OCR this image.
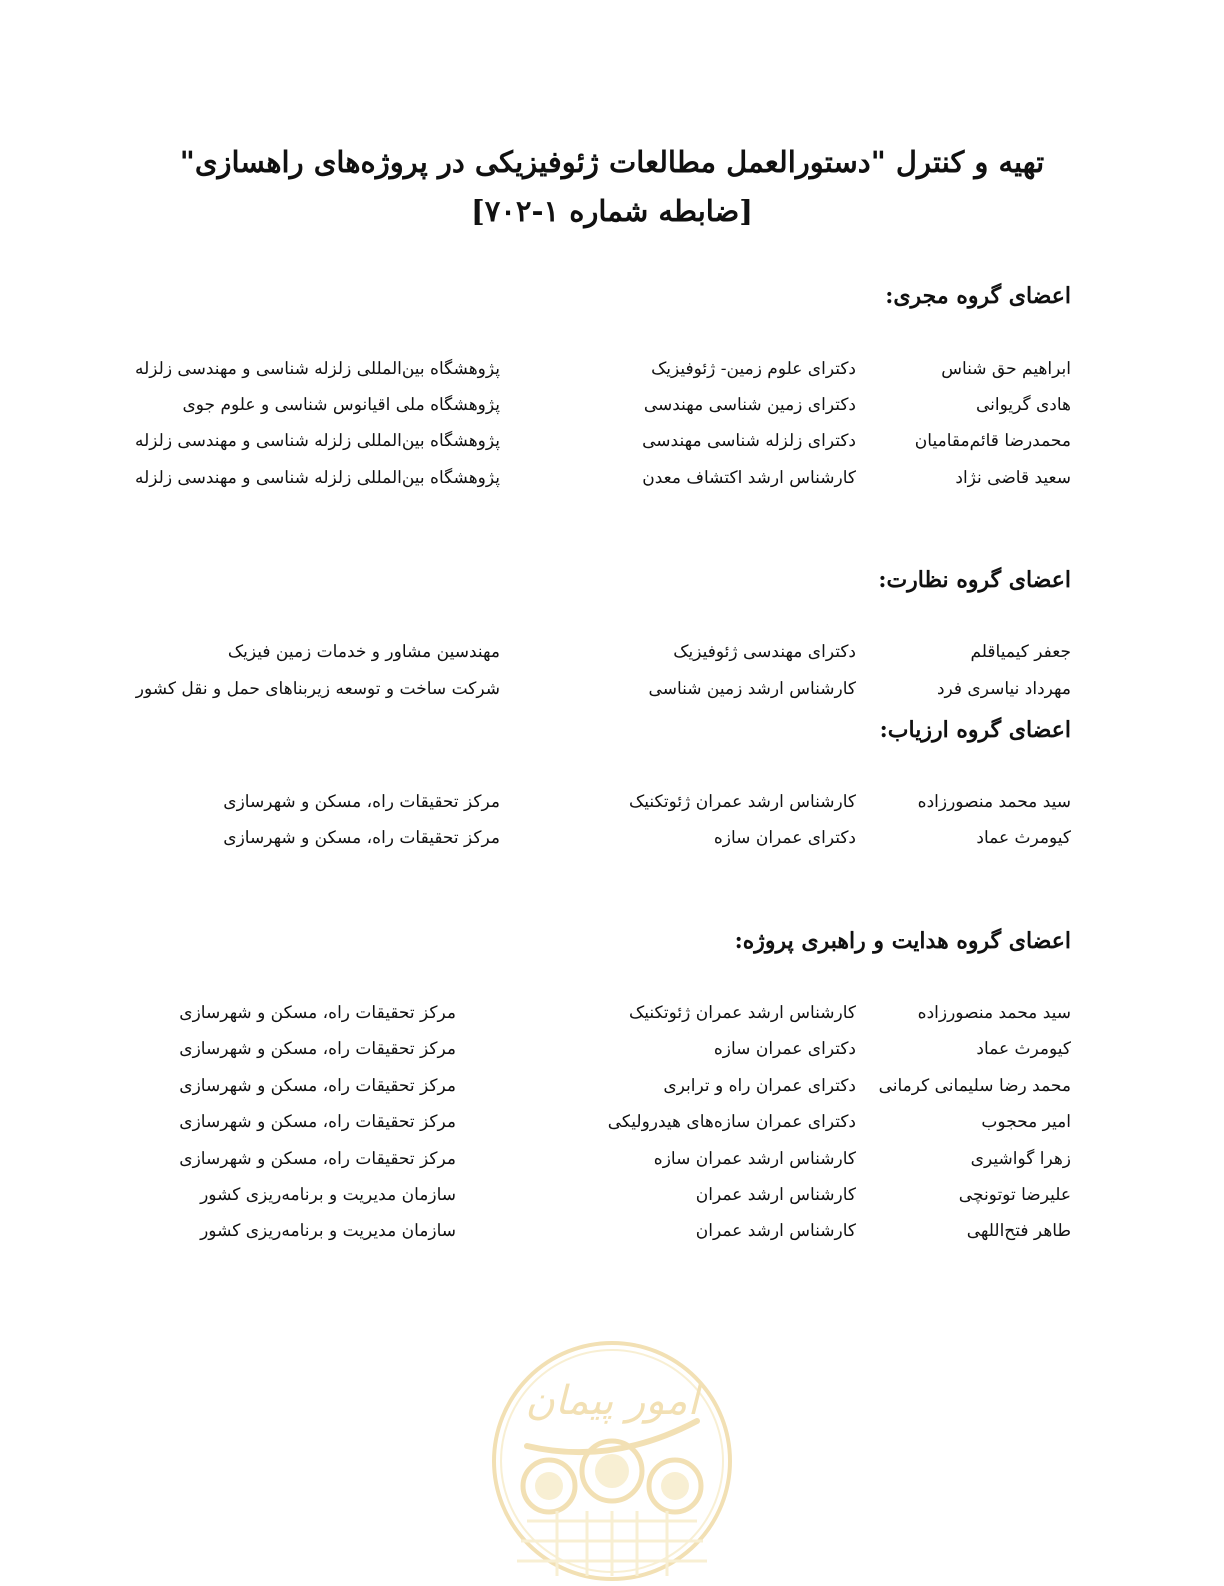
تهیه و کنترل "دستورالعمل مطالعات ژئوفیزیکی در پروژه‌های راهسازی"
[ضابطه شماره ۱-۷۰۲]
اعضای گروه مجری:
ابراهیم حق شناس
دکترای علوم زمین- ژئوفیزیک
پژوهشگاه بین‌المللی زلزله شناسی و مهندسی زلزله
هادی گریوانی
دکترای زمین شناسی مهندسی
پژوهشگاه ملی اقیانوس شناسی و علوم جوی
محمدرضا قائم‌مقامیان
دکترای زلزله شناسی مهندسی
پژوهشگاه بین‌المللی زلزله شناسی و مهندسی زلزله
سعید قاضی نژاد
کارشناس ارشد اکتشاف معدن
پژوهشگاه بین‌المللی زلزله شناسی و مهندسی زلزله
اعضای گروه نظارت:
جعفر کیمیاقلم
دکترای مهندسی ژئوفیزیک
مهندسین مشاور و خدمات زمین فیزیک
مهرداد نیاسری فرد
کارشناس ارشد زمین شناسی
شرکت ساخت و توسعه زیربناهای حمل و نقل کشور
اعضای گروه ارزیاب:
سید محمد منصورزاده
کارشناس ارشد عمران ژئوتکنیک
مرکز تحقیقات راه، مسکن و شهرسازی
کیومرث عماد
دکترای عمران سازه
مرکز تحقیقات راه، مسکن و شهرسازی
اعضای گروه هدایت و راهبری پروژه:
سید محمد منصورزاده
کارشناس ارشد عمران ژئوتکنیک
مرکز تحقیقات راه، مسکن و شهرسازی
کیومرث عماد
دکترای عمران سازه
مرکز تحقیقات راه، مسکن و شهرسازی
محمد رضا سلیمانی کرمانی
دکترای عمران راه و ترابری
مرکز تحقیقات راه، مسکن و شهرسازی
امیر محجوب
دکترای عمران سازه‌های هیدرولیکی
مرکز تحقیقات راه، مسکن و شهرسازی
زهرا گواشیری
کارشناس ارشد عمران سازه
مرکز تحقیقات راه، مسکن و شهرسازی
علیرضا توتونچی
کارشناس ارشد عمران
سازمان مدیریت و برنامه‌ریزی کشور
طاهر فتح‌اللهی
کارشناس ارشد عمران
سازمان مدیریت و برنامه‌ریزی کشور
امور پیمان
